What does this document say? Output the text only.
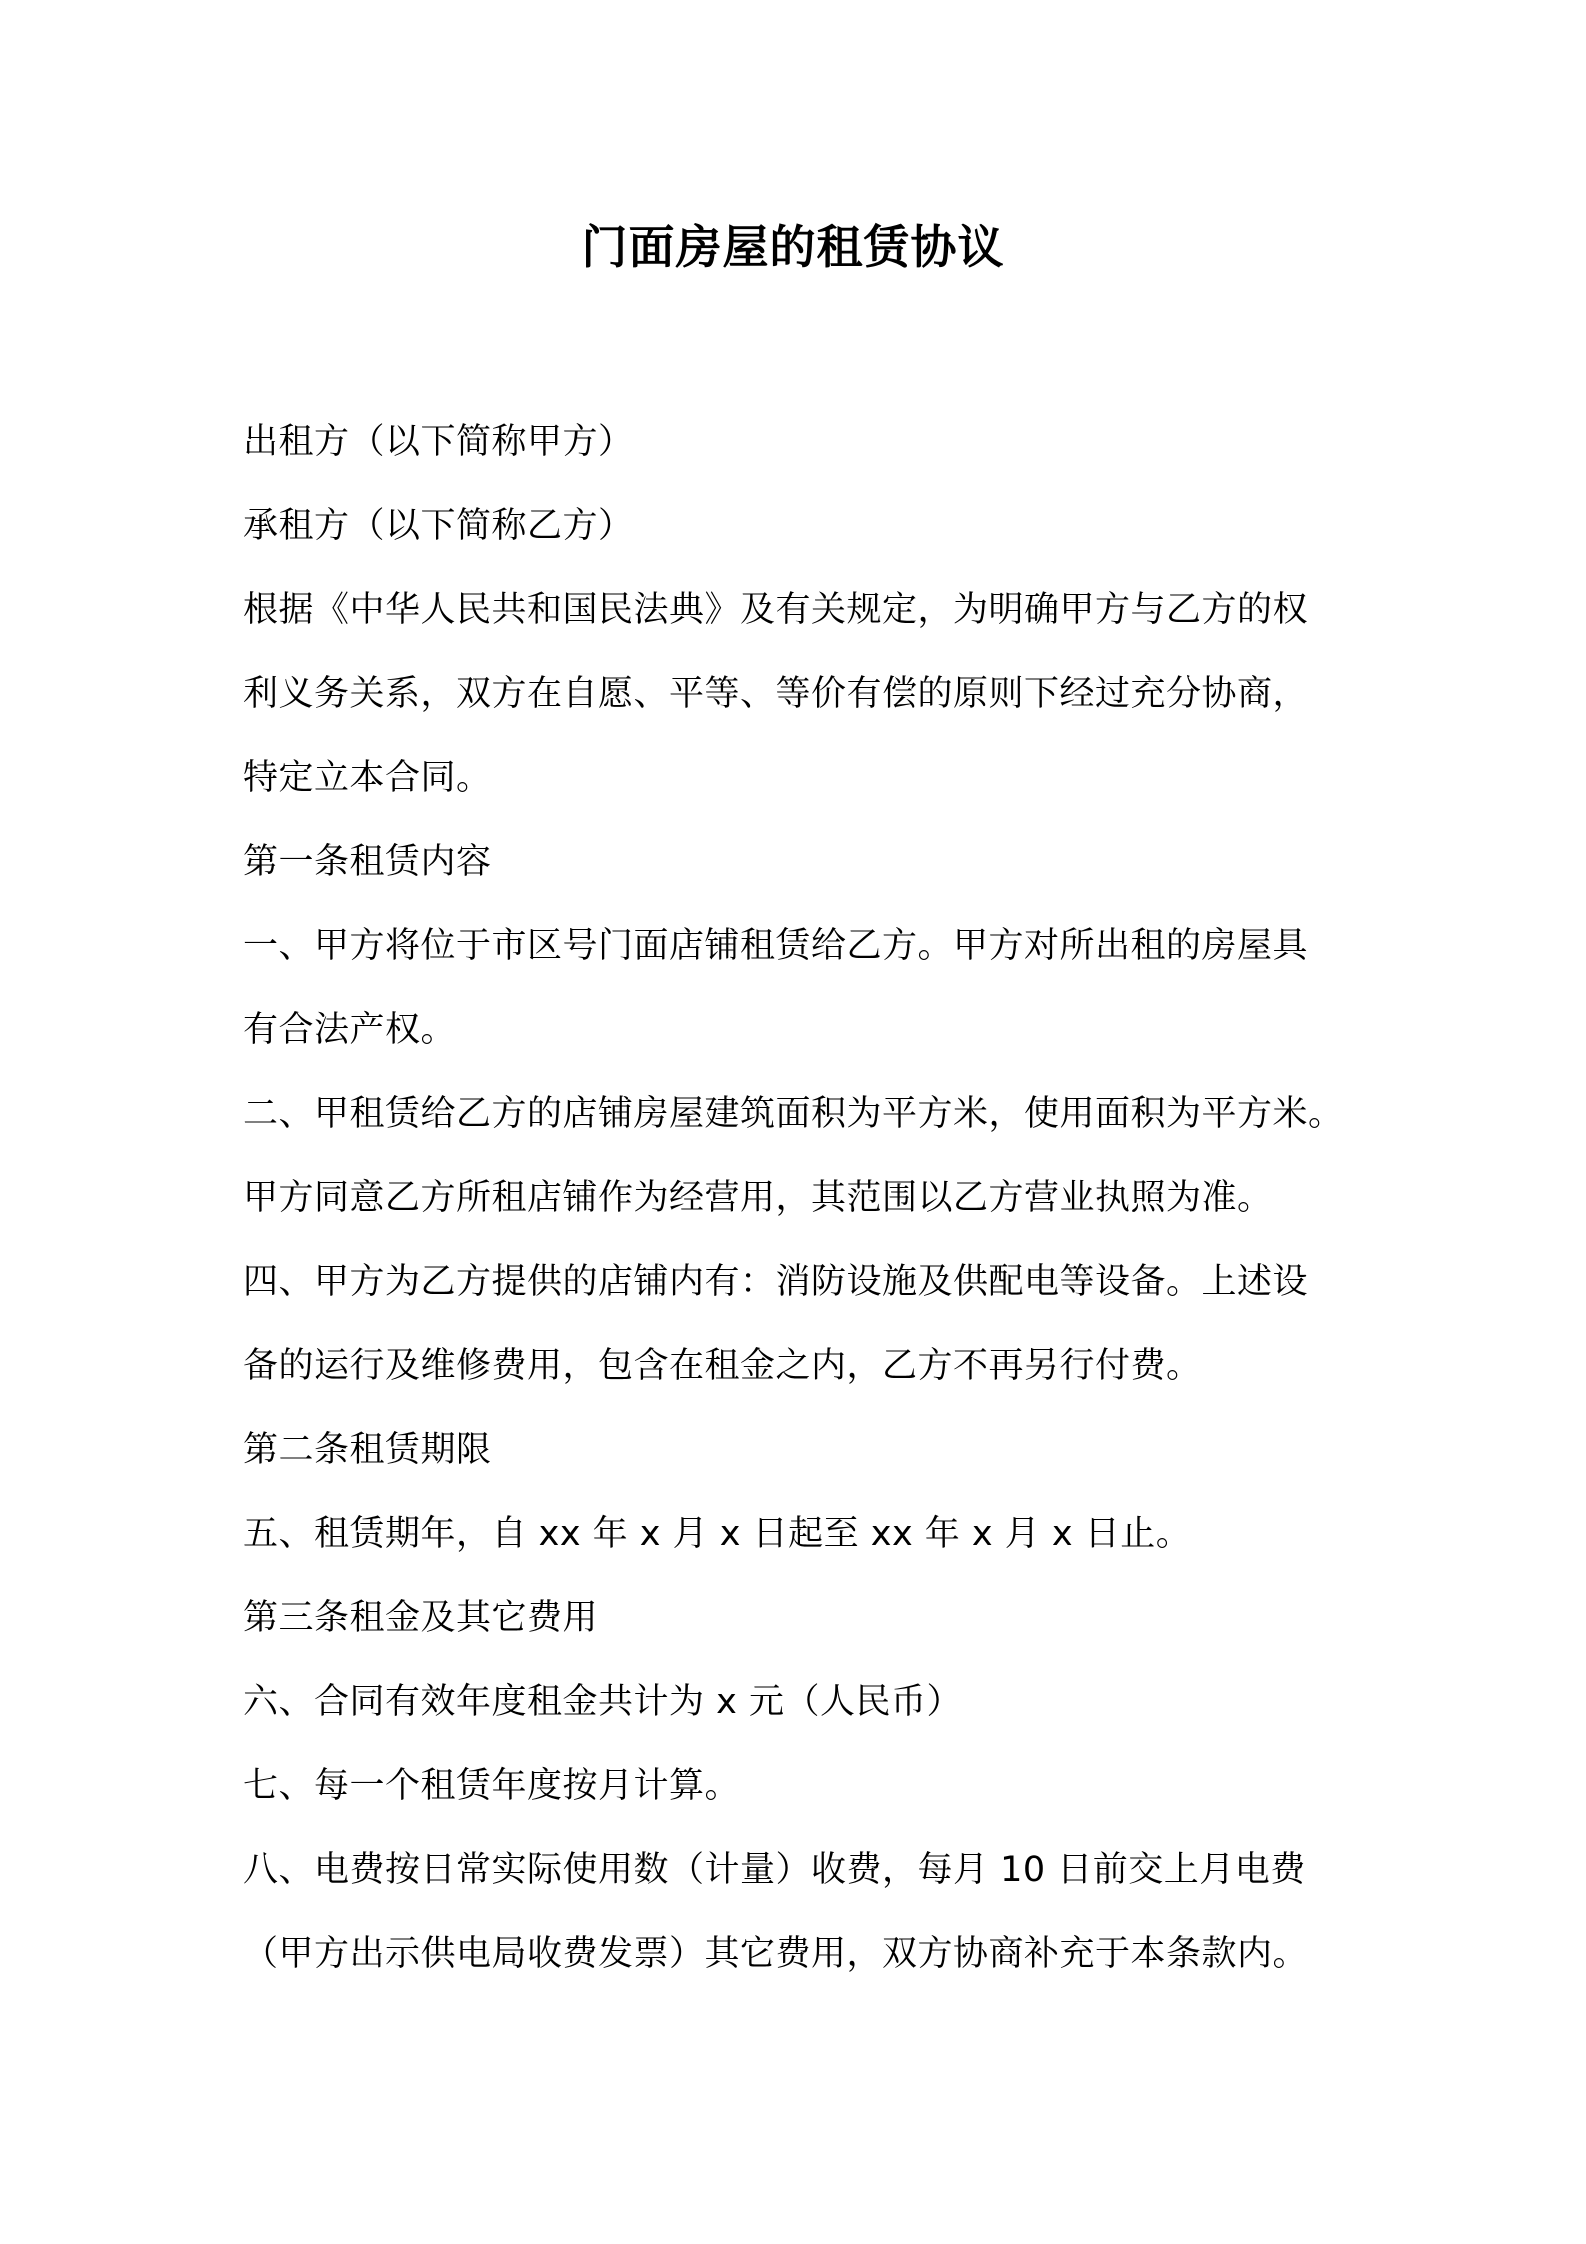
门面房屋的租赁协议

出租方（以下简称甲方）

承租方（以下简称乙方）

根据《中华人民共和国民法典》及有关规定，为明确甲方与乙方的权

利义务关系，双方在自愿、平等、等价有偿的原则下经过充分协商，

特定立本合同。

第一条租赁内容

一、甲方将位于市区号门面店铺租赁给乙方。甲方对所出租的房屋具

有合法产权。

二、甲租赁给乙方的店铺房屋建筑面积为平方米，使用面积为平方米。

甲方同意乙方所租店铺作为经营用，其范围以乙方营业执照为准。

四、甲方为乙方提供的店铺内有：消防设施及供配电等设备。上述设

备的运行及维修费用，包含在租金之内，乙方不再另行付费。

第二条租赁期限

五、租赁期年，自 xx 年 x 月 x 日起至 xx 年 x 月 x 日止。

第三条租金及其它费用

六、合同有效年度租金共计为 x 元（人民币）

七、每一个租赁年度按月计算。

八、电费按日常实际使用数（计量）收费，每月 10 日前交上月电费

（甲方出示供电局收费发票）其它费用，双方协商补充于本条款内。
